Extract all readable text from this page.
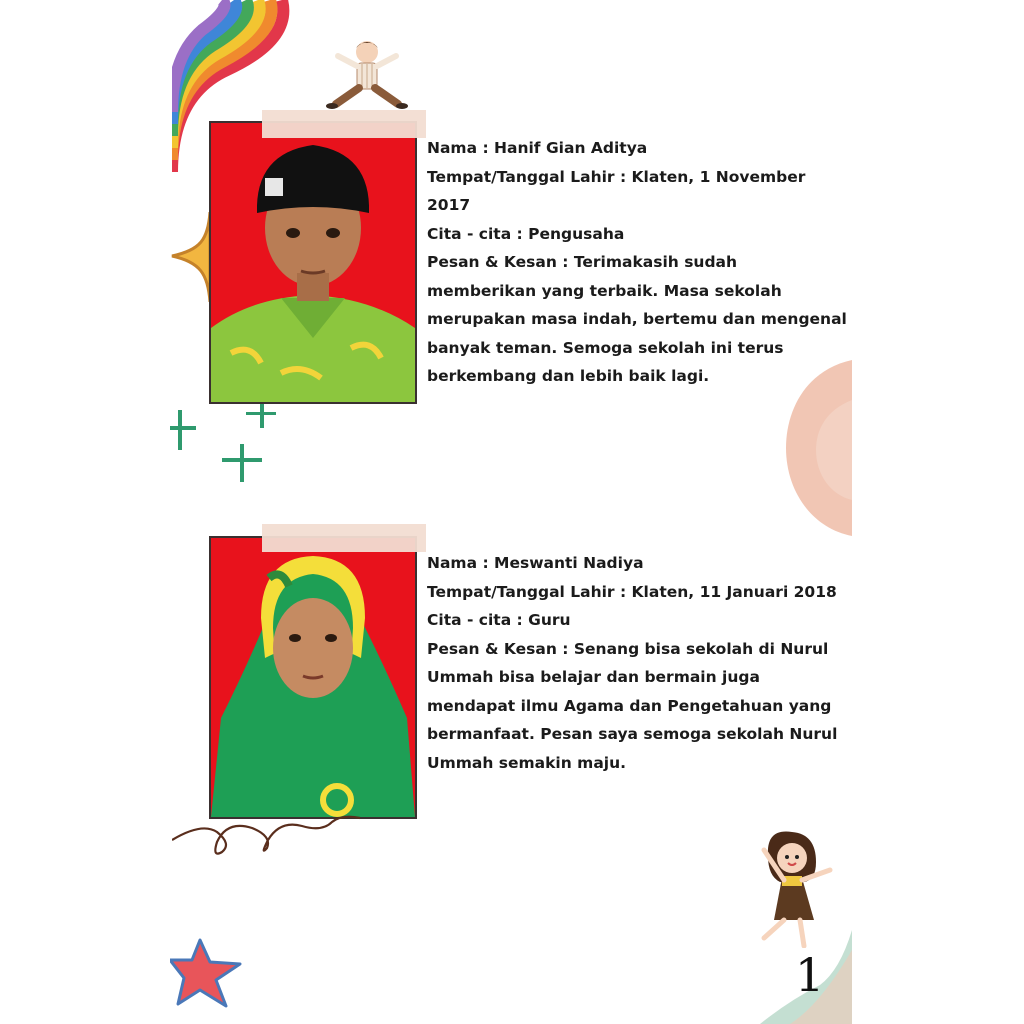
Nama : Hanif Gian Aditya

Tempat/Tanggal Lahir : Klaten, 1 November 2017

Cita - cita : Pengusaha

Pesan & Kesan : Terimakasih sudah memberikan yang terbaik. Masa sekolah merupakan masa indah, bertemu dan mengenal banyak teman. Semoga sekolah ini terus berkembang dan lebih baik lagi.

Nama : Meswanti Nadiya

Tempat/Tanggal Lahir : Klaten, 11 Januari 2018

Cita - cita : Guru

Pesan & Kesan : Senang bisa sekolah di Nurul Ummah bisa belajar dan bermain juga mendapat ilmu Agama dan Pengetahuan yang bermanfaat. Pesan saya semoga sekolah Nurul Ummah semakin maju.

1
